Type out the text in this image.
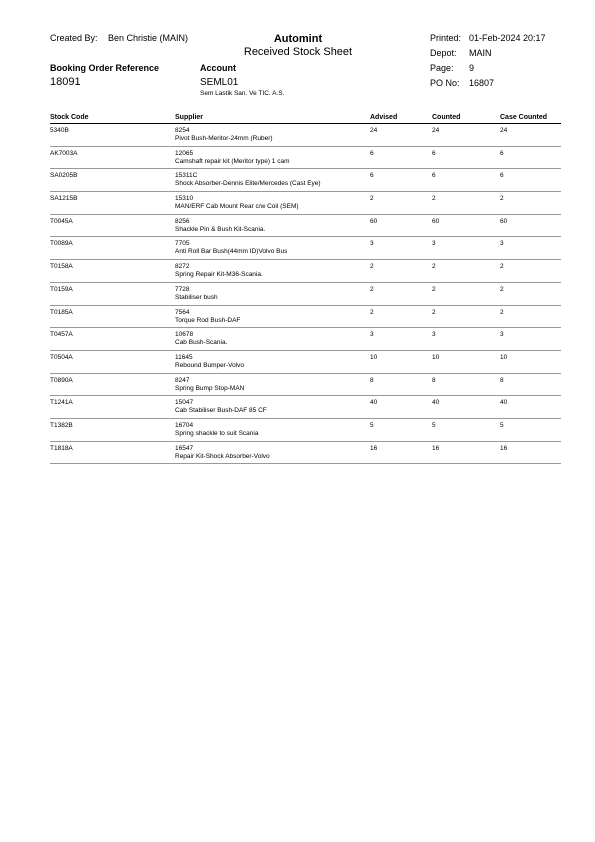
Created By: Ben Christie (MAIN)	Automint
Received Stock Sheet
Printed: 01-Feb-2024 20:17
Depot: MAIN
Page: 9
Booking Order Reference
18091
Account
SEML01
Sem Lastik San. Ve TIC. A.S.
PO No: 16807
Stock Code	Supplier	Advised	Counted	Case Counted
5340B	8254
Pivot Bush-Meritor-24mm (Ruber)
24	24	24
AK7003A	12065
Camshaft repair kit (Meritor type) 1 cam
6	6	6
SA0205B	15311C
Shock Absorber-Dennis Elite/Mercedes (Cast Eye)
6	6	6
SA1215B	15310
MAN/ERF Cab Mount Rear c/w Coil (SEM)
2	2	2
T0045A	8256
Shackle Pin & Bush Kit-Scania.
60	60	60
T0089A	7705
Anti Roll Bar Bush(44mm ID)Volvo Bus
3	3	3
T0158A	8272
Spring Repair Kit-M36-Scania.
2	2	2
T0159A	7728
Stabiliser bush
2	2	2
T0185A	7564
Torque Rod Bush-DAF
2	2	2
T0457A	10678
Cab Bush-Scania.
3	3	3
T0504A	11645
Rebound Bumper-Volvo
10	10	10
T0890A	8247
Spring Bump Stop-MAN
8	8	8
T1241A	15047
Cab Stabiliser Bush-DAF 85 CF
40	40	40
T1382B	16704
Spring shackle to suit Scania
5	5	5
T1818A	16547
Repair Kit-Shock Absorber-Volvo
16	16	16
